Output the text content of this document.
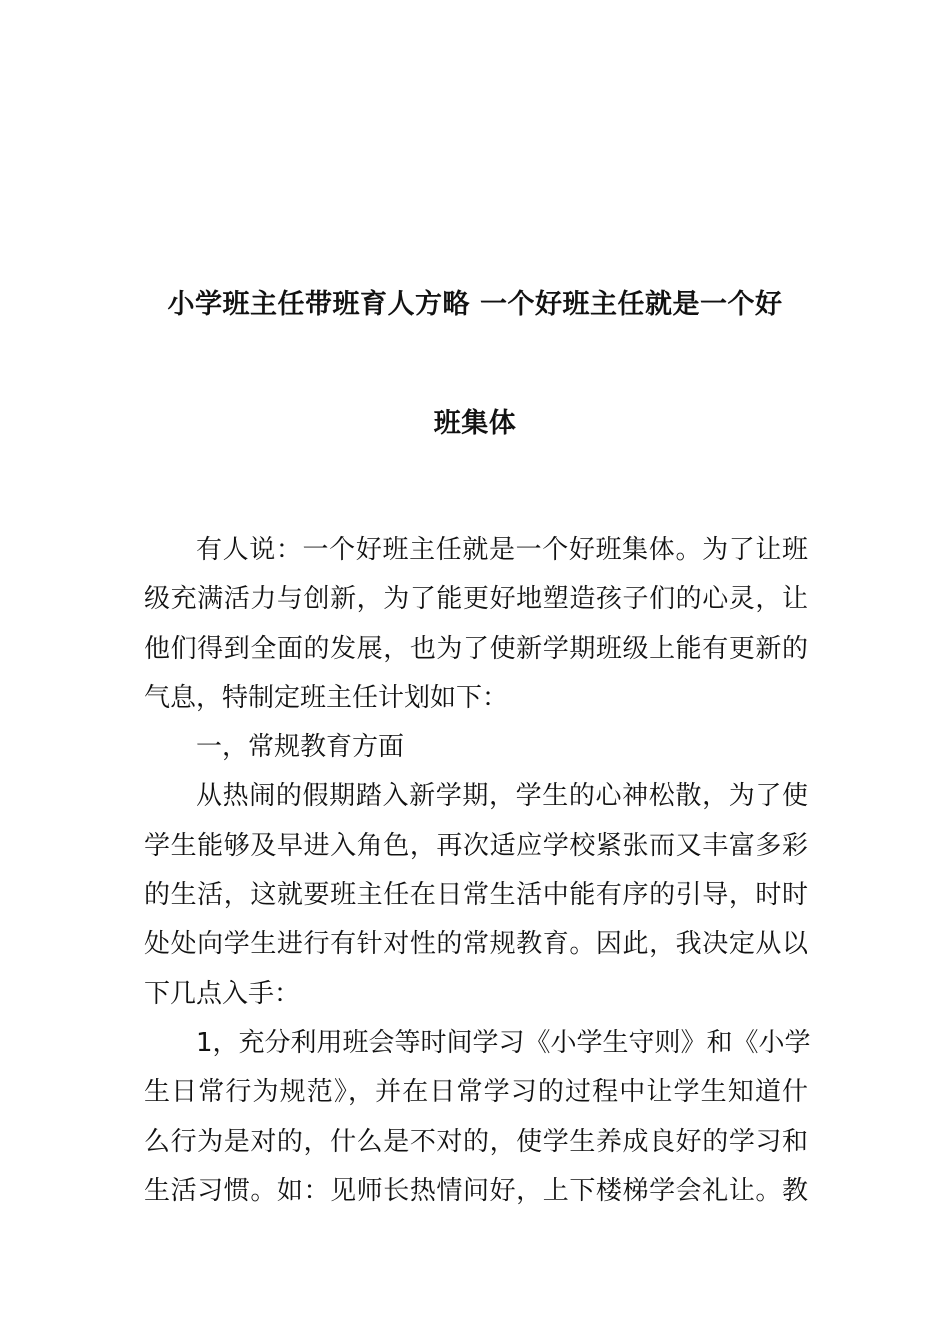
小学班主任带班育人方略 一个好班主任就是一个好
班集体
有人说：一个好班主任就是一个好班集体。为了让班
级充满活力与创新，为了能更好地塑造孩子们的心灵，让
他们得到全面的发展，也为了使新学期班级上能有更新的
气息，特制定班主任计划如下：
一，常规教育方面
从热闹的假期踏入新学期，学生的心神松散，为了使
学生能够及早进入角色，再次适应学校紧张而又丰富多彩
的生活，这就要班主任在日常生活中能有序的引导，时时
处处向学生进行有针对性的常规教育。因此，我决定从以
下几点入手：
1，充分利用班会等时间学习《小学生守则》和《小学
生日常行为规范》，并在日常学习的过程中让学生知道什
么行为是对的，什么是不对的，使学生养成良好的学习和
生活习惯。如：见师长热情问好，上下楼梯学会礼让。教
